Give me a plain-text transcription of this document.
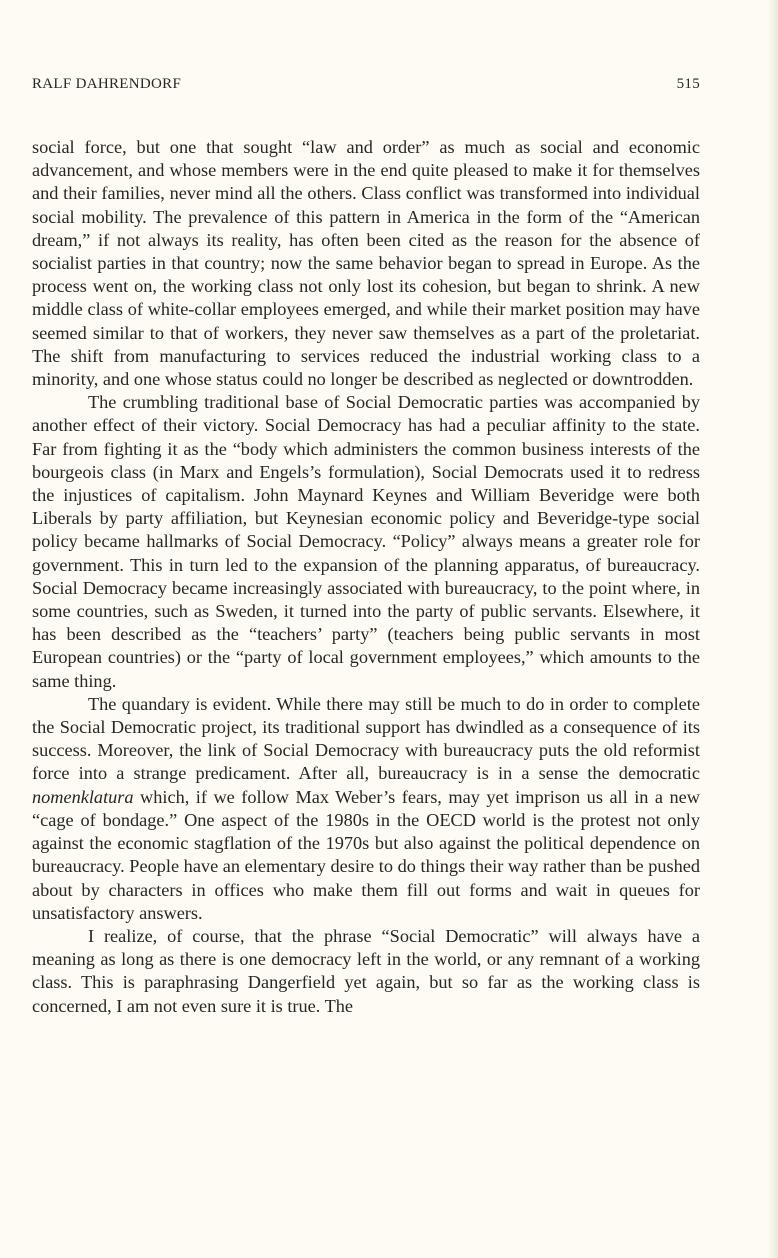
RALF DAHRENDORF	515

social force, but one that sought “law and order” as much as social and economic advancement, and whose members were in the end quite pleased to make it for themselves and their families, never mind all the others. Class conflict was transformed into individual social mobility. The prevalence of this pattern in America in the form of the “American dream,” if not always its reality, has often been cited as the reason for the absence of socialist parties in that country; now the same behavior began to spread in Europe. As the process went on, the working class not only lost its cohesion, but began to shrink. A new middle class of white-collar employees emerged, and while their market position may have seemed similar to that of workers, they never saw themselves as a part of the proletariat. The shift from manufacturing to services reduced the industrial working class to a minority, and one whose status could no longer be described as neglected or downtrodden.

The crumbling traditional base of Social Democratic parties was accompanied by another effect of their victory. Social Democracy has had a peculiar affinity to the state. Far from fighting it as the “body which administers the common business interests of the bourgeois class (in Marx and Engels’s formulation), Social Democrats used it to redress the injustices of capitalism. John Maynard Keynes and William Beveridge were both Liberals by party affiliation, but Keynesian economic policy and Beveridge-type social policy became hallmarks of Social Democracy. “Policy” always means a greater role for government. This in turn led to the expansion of the planning apparatus, of bureaucracy. Social Democracy became increasingly associated with bureaucracy, to the point where, in some countries, such as Sweden, it turned into the party of public servants. Elsewhere, it has been described as the “teachers’ party” (teachers being public servants in most European countries) or the “party of local government employees,” which amounts to the same thing.

The quandary is evident. While there may still be much to do in order to complete the Social Democratic project, its traditional support has dwindled as a consequence of its success. Moreover, the link of Social Democracy with bureaucracy puts the old reformist force into a strange predicament. After all, bureaucracy is in a sense the democratic nomenklatura which, if we follow Max Weber’s fears, may yet imprison us all in a new “cage of bondage.” One aspect of the 1980s in the OECD world is the protest not only against the economic stagflation of the 1970s but also against the political dependence on bureaucracy. People have an elementary desire to do things their way rather than be pushed about by characters in offices who make them fill out forms and wait in queues for unsatisfactory answers.

I realize, of course, that the phrase “Social Democratic” will always have a meaning as long as there is one democracy left in the world, or any remnant of a working class. This is paraphrasing Dangerfield yet again, but so far as the working class is concerned, I am not even sure it is true. The
